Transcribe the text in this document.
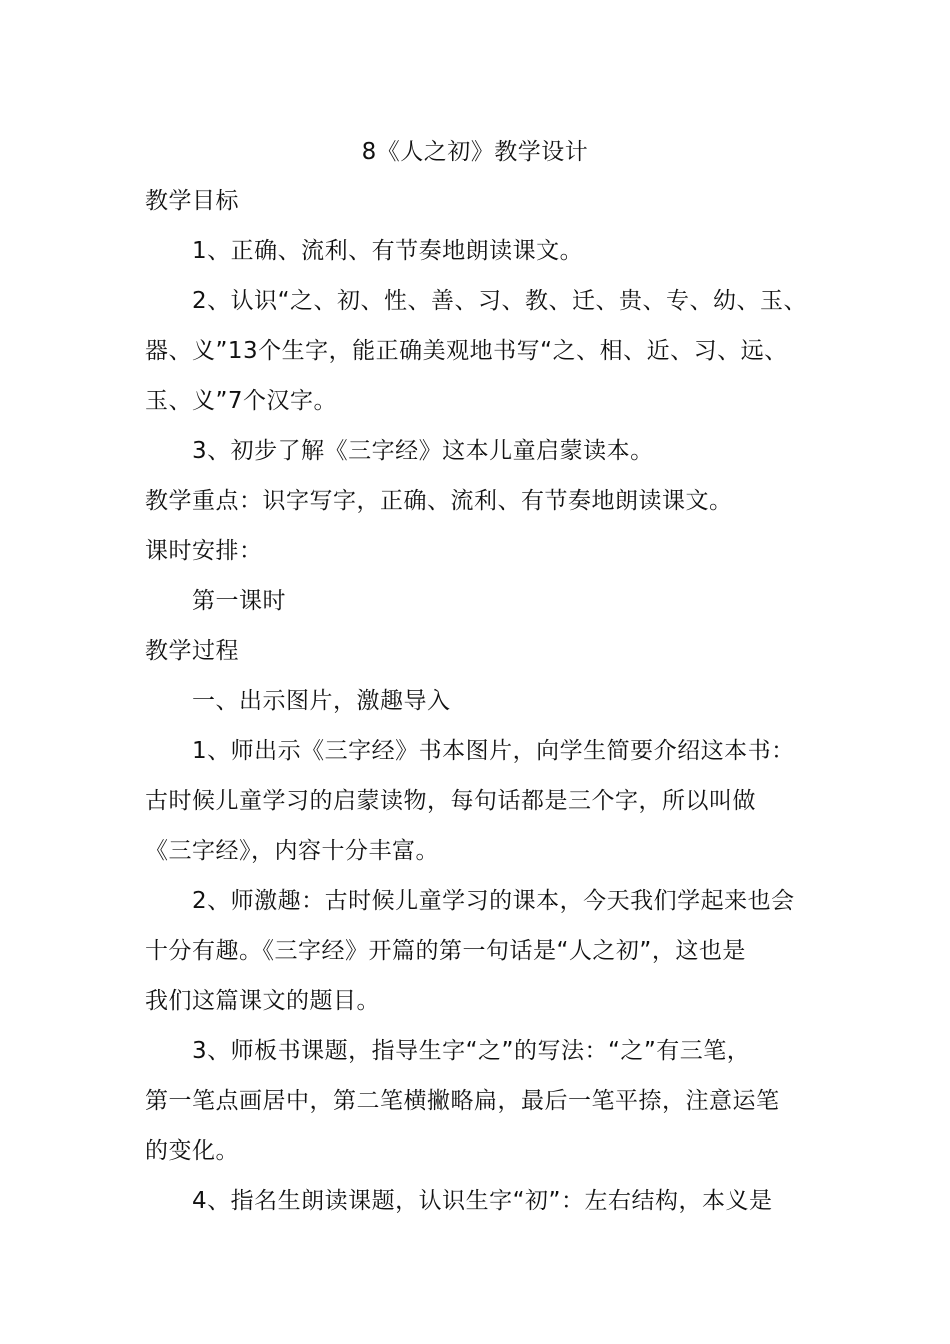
8《人之初》教学设计
教学目标
1、正确、流利、有节奏地朗读课文。
2、认识“之、初、性、善、习、教、迁、贵、专、幼、玉、
器、义”13个生字，能正确美观地书写“之、相、近、习、远、
玉、义”7个汉字。
3、初步了解《三字经》这本儿童启蒙读本。
教学重点：识字写字，正确、流利、有节奏地朗读课文。
课时安排：
第一课时
教学过程
一、出示图片，激趣导入
1、师出示《三字经》书本图片，向学生简要介绍这本书：
古时候儿童学习的启蒙读物，每句话都是三个字，所以叫做
《三字经》，内容十分丰富。
2、师激趣：古时候儿童学习的课本，今天我们学起来也会
十分有趣。《三字经》开篇的第一句话是“人之初”，这也是
我们这篇课文的题目。
3、师板书课题，指导生字“之”的写法：“之”有三笔，
第一笔点画居中，第二笔横撇略扁，最后一笔平捺，注意运笔
的变化。
4、指名生朗读课题，认识生字“初”：左右结构，本义是
